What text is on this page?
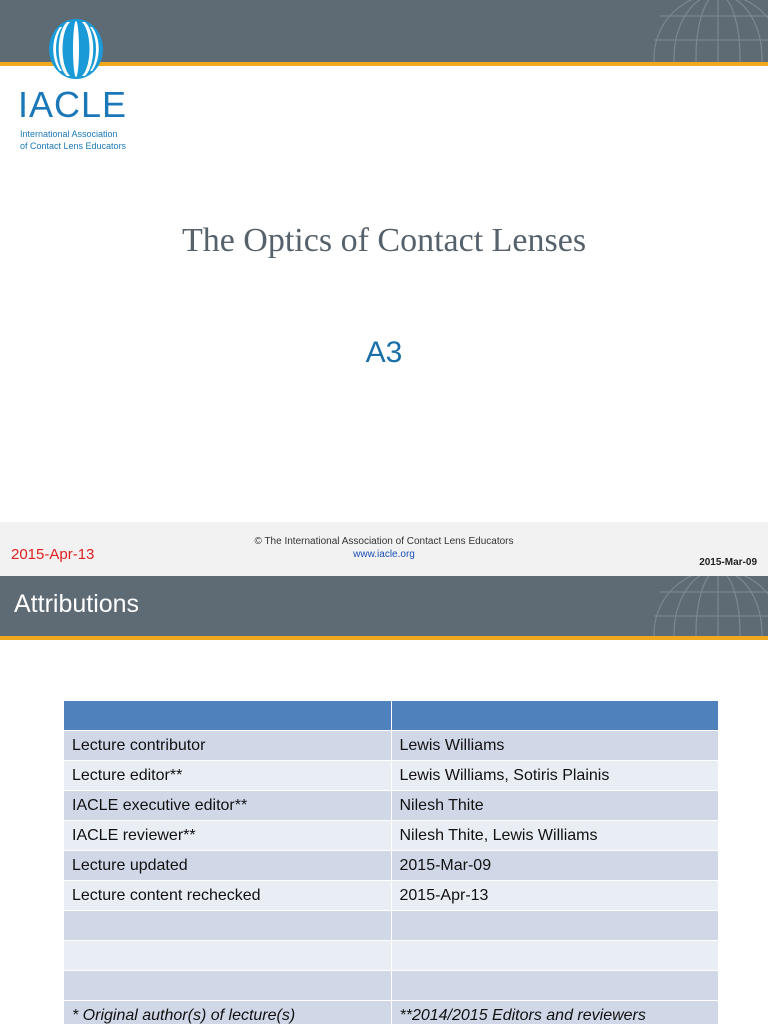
IACLE
International Association
of Contact Lens Educators
The Optics of Contact Lenses
A3
2015-Apr-13
© The International Association of Contact Lens Educators
www.iacle.org
2015-Mar-09
Attributions

Lecture contributor	Lewis Williams
Lecture editor**	Lewis Williams, Sotiris Plainis
IACLE executive editor**	Nilesh Thite
IACLE reviewer**	Nilesh Thite, Lewis Williams
Lecture updated	2015-Mar-09
Lecture content rechecked	2015-Apr-13

* Original author(s) of lecture(s)	**2014/2015 Editors and reviewers
